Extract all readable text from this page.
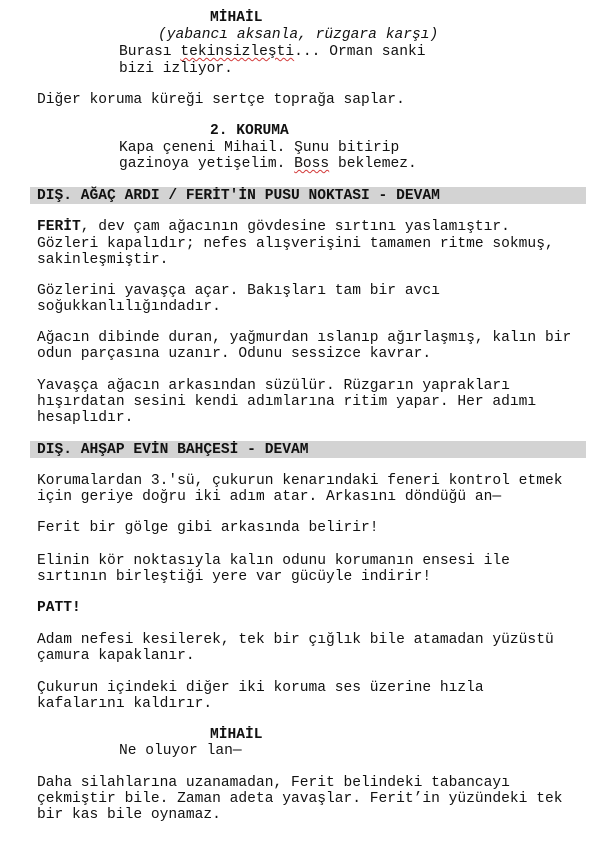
MİHAİL
(yabancı aksanla, rüzgara karşı)
Burası tekinsizleşti... Orman sanki
bizi izliyor.
Diğer koruma küreği sertçe toprağa saplar.
2. KORUMA
Kapa çeneni Mihail. Şunu bitirip
gazinoya yetişelim. Boss beklemez.
DIŞ. AĞAÇ ARDI / FERİT'İN PUSU NOKTASI - DEVAM
FERİT, dev çam ağacının gövdesine sırtını yaslamıştır.
Gözleri kapalıdır; nefes alışverişini tamamen ritme sokmuş,
sakinleşmiştir.
Gözlerini yavaşça açar. Bakışları tam bir avcı
soğukkanlılığındadır.
Ağacın dibinde duran, yağmurdan ıslanıp ağırlaşmış, kalın bir
odun parçasına uzanır. Odunu sessizce kavrar.
Yavaşça ağacın arkasından süzülür. Rüzgarın yaprakları
hışırdatan sesini kendi adımlarına ritim yapar. Her adımı
hesaplıdır.
DIŞ. AHŞAP EVİN BAHÇESİ - DEVAM
Korumalardan 3.'sü, çukurun kenarındaki feneri kontrol etmek
için geriye doğru iki adım atar. Arkasını döndüğü an—
Ferit bir gölge gibi arkasında belirir!
Elinin kör noktasıyla kalın odunu korumanın ensesi ile
sırtının birleştiği yere var gücüyle indirir!
PATT!
Adam nefesi kesilerek, tek bir çığlık bile atamadan yüzüstü
çamura kapaklanır.
Çukurun içindeki diğer iki koruma ses üzerine hızla
kafalarını kaldırır.
MİHAİL
Ne oluyor lan—
Daha silahlarına uzanamadan, Ferit belindeki tabancayı
çekmiştir bile. Zaman adeta yavaşlar. Ferit’in yüzündeki tek
bir kas bile oynamaz.
